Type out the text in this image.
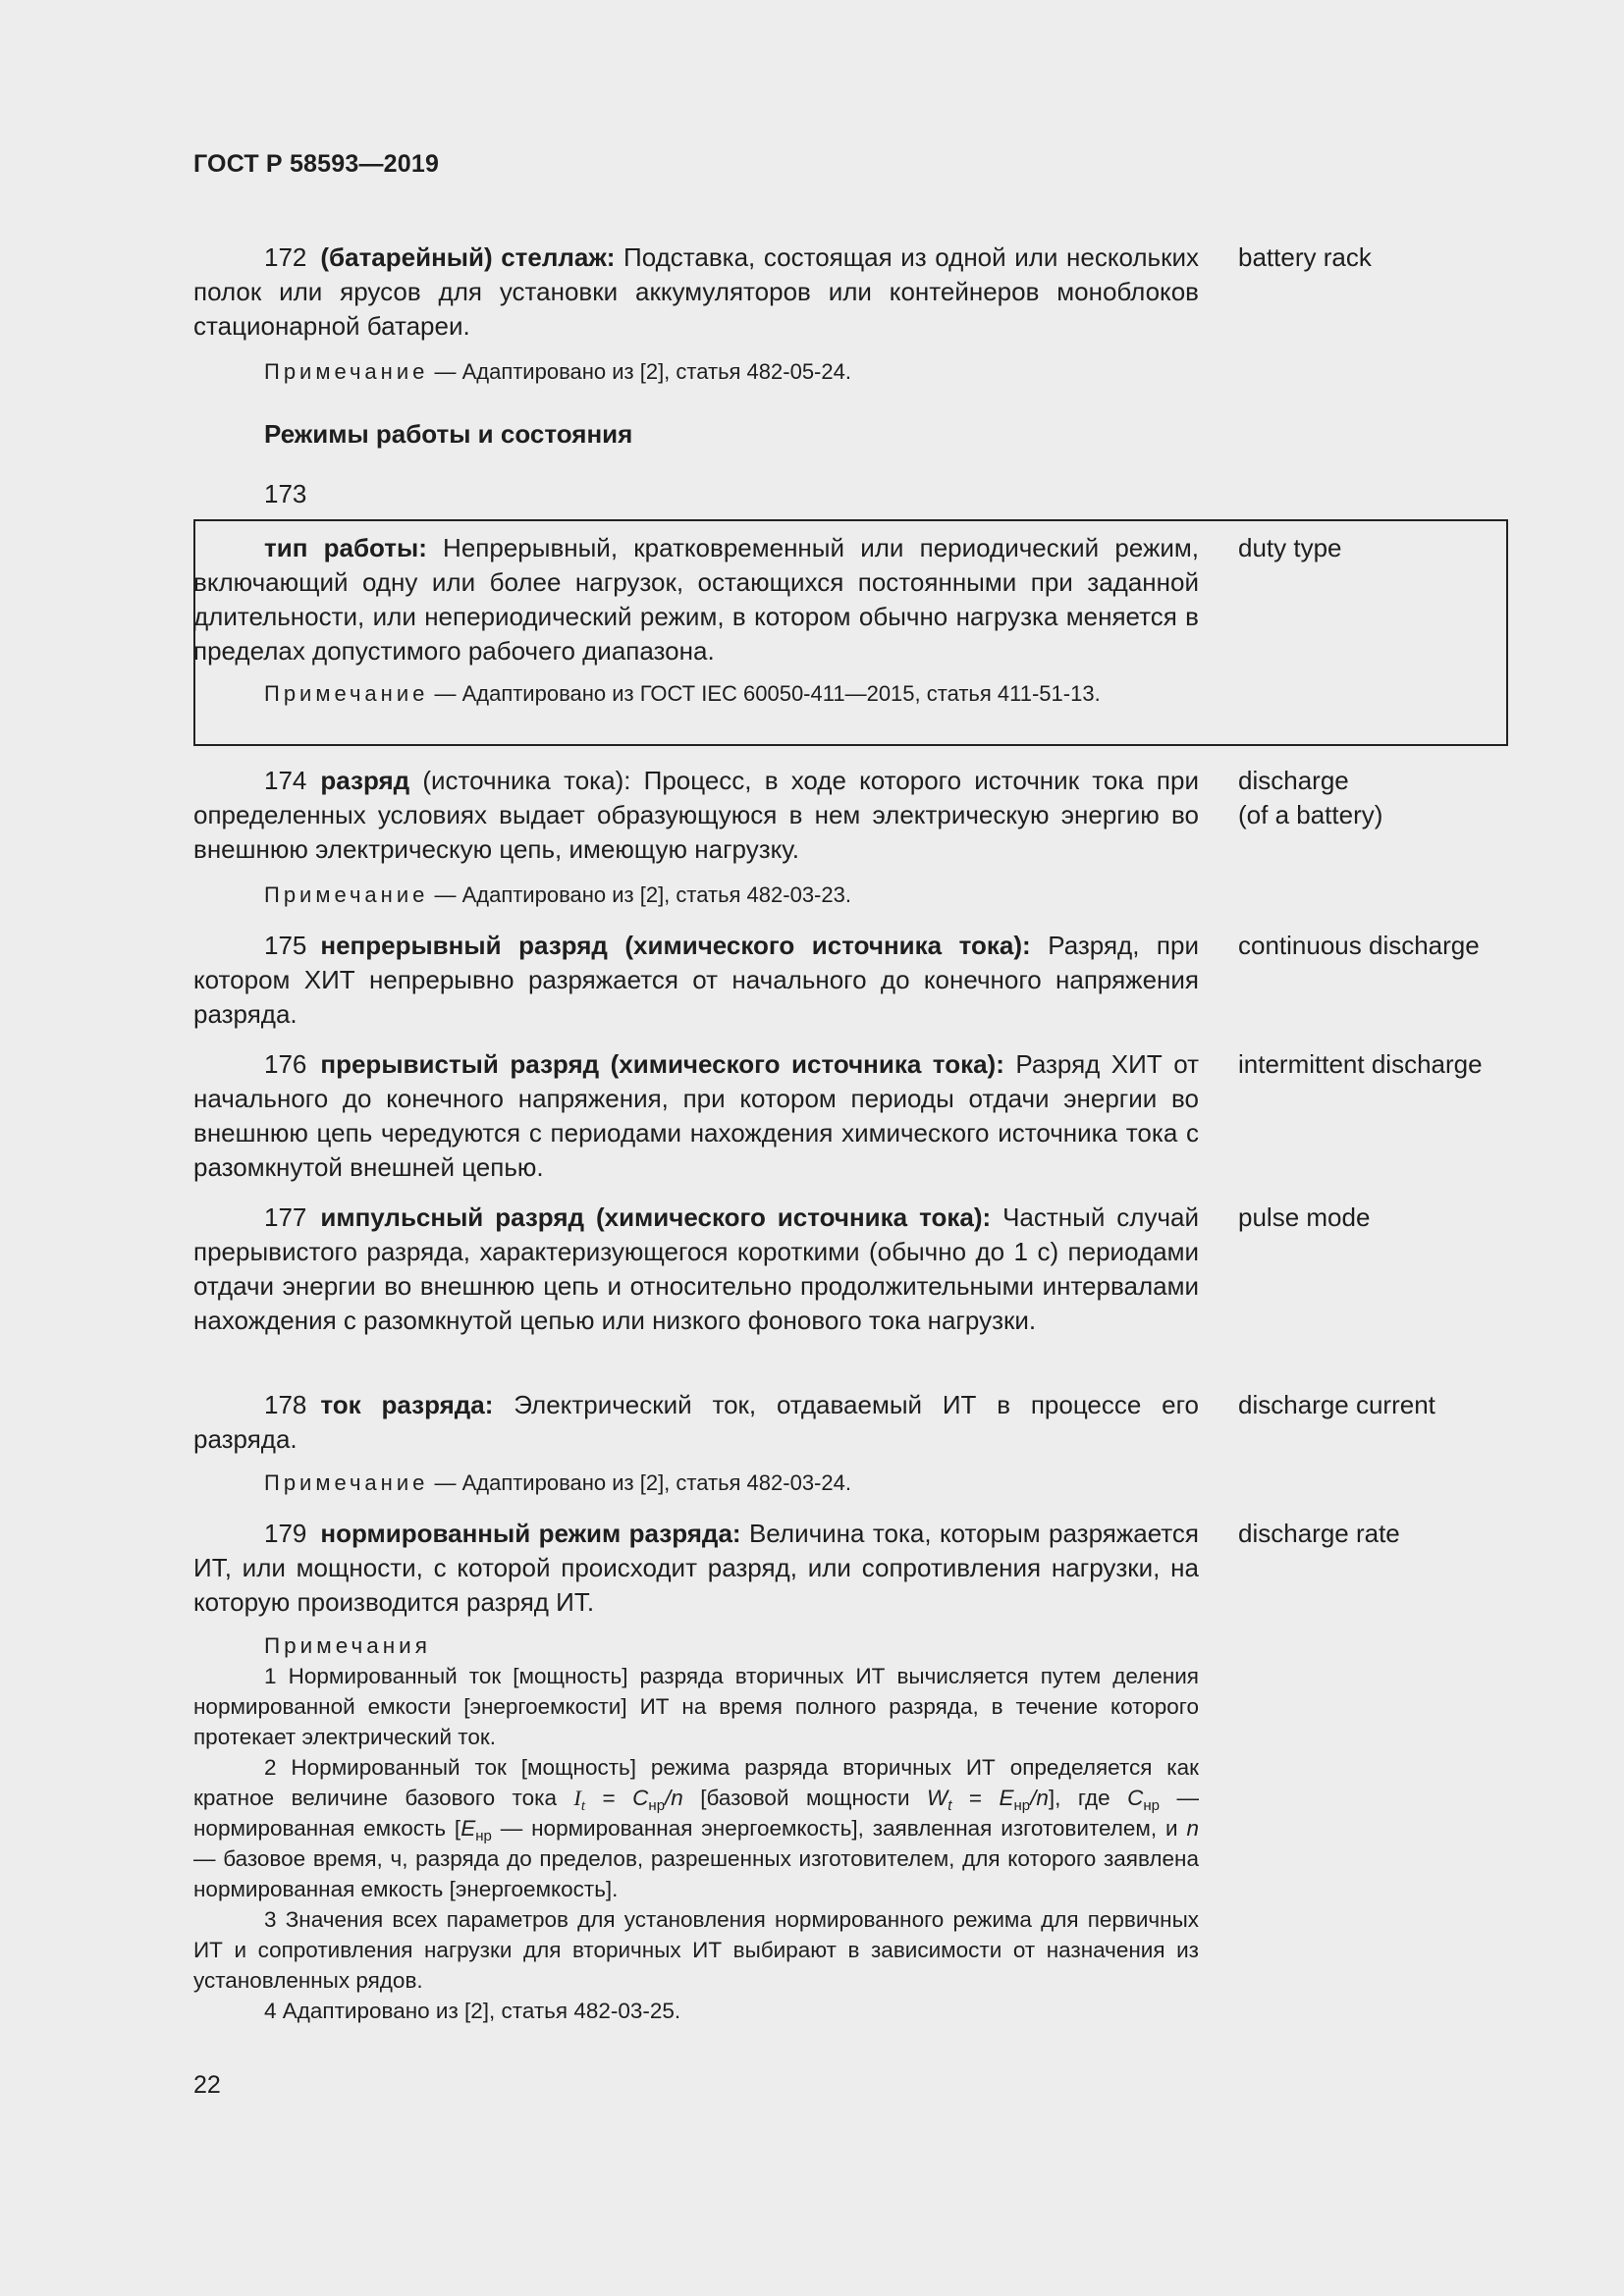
ГОСТ Р 58593—2019
172 (батарейный) стеллаж: Подставка, состоящая из одной или нескольких полок или ярусов для установки аккумуляторов или контейнеров моноблоков стационарной батареи.
battery rack
Примечание — Адаптировано из [2], статья 482-05-24.
Режимы работы и состояния
173
тип работы: Непрерывный, кратковременный или периодический режим, включающий одну или более нагрузок, остающихся постоянными при заданной длительности, или непериодический режим, в котором обычно нагрузка меняется в пределах допустимого рабочего диапазона.
duty type
Примечание — Адаптировано из ГОСТ IEC 60050-411—2015, статья 411-51-13.
174 разряд (источника тока): Процесс, в ходе которого источник тока при определенных условиях выдает образующуюся в нем электрическую энергию во внешнюю электрическую цепь, имеющую нагрузку.
discharge
(of a battery)
Примечание — Адаптировано из [2], статья 482-03-23.
175 непрерывный разряд (химического источника тока): Разряд, при котором ХИТ непрерывно разряжается от начального до конечного напряжения разряда.
continuous discharge
176 прерывистый разряд (химического источника тока): Разряд ХИТ от начального до конечного напряжения, при котором периоды отдачи энергии во внешнюю цепь чередуются с периодами нахождения химического источника тока с разомкнутой внешней цепью.
intermittent discharge
177 импульсный разряд (химического источника тока): Частный случай прерывистого разряда, характеризующегося короткими (обычно до 1 с) периодами отдачи энергии во внешнюю цепь и относительно продолжительными интервалами нахождения с разомкнутой цепью или низкого фонового тока нагрузки.
pulse mode
178 ток разряда: Электрический ток, отдаваемый ИТ в процессе его разряда.
discharge current
Примечание — Адаптировано из [2], статья 482-03-24.
179 нормированный режим разряда: Величина тока, которым разряжается ИТ, или мощности, с которой происходит разряд, или сопротивления нагрузки, на которую производится разряд ИТ.
discharge rate

Примечания

1 Нормированный ток [мощность] разряда вторичных ИТ вычисляется путем деления нормированной емкости [энергоемкости] ИТ на время полного разряда, в течение которого протекает электрический ток.

2 Нормированный ток [мощность] режима разряда вторичных ИТ определяется как кратное величине базового тока $I_t = C_{нр}/n$ [базовой мощности $W_t = E_{нр}/n$], где $C_{нр}$ — нормированная емкость [$E_{нр}$ — нормированная энергоемкость], заявленная изготовителем, и n — базовое время, ч, разряда до пределов, разрешенных изготовителем, для которого заявлена нормированная емкость [энергоемкость].

3 Значения всех параметров для установления нормированного режима для первичных ИТ и сопротивления нагрузки для вторичных ИТ выбирают в зависимости от назначения из установленных рядов.

4 Адаптировано из [2], статья 482-03-25.

22
